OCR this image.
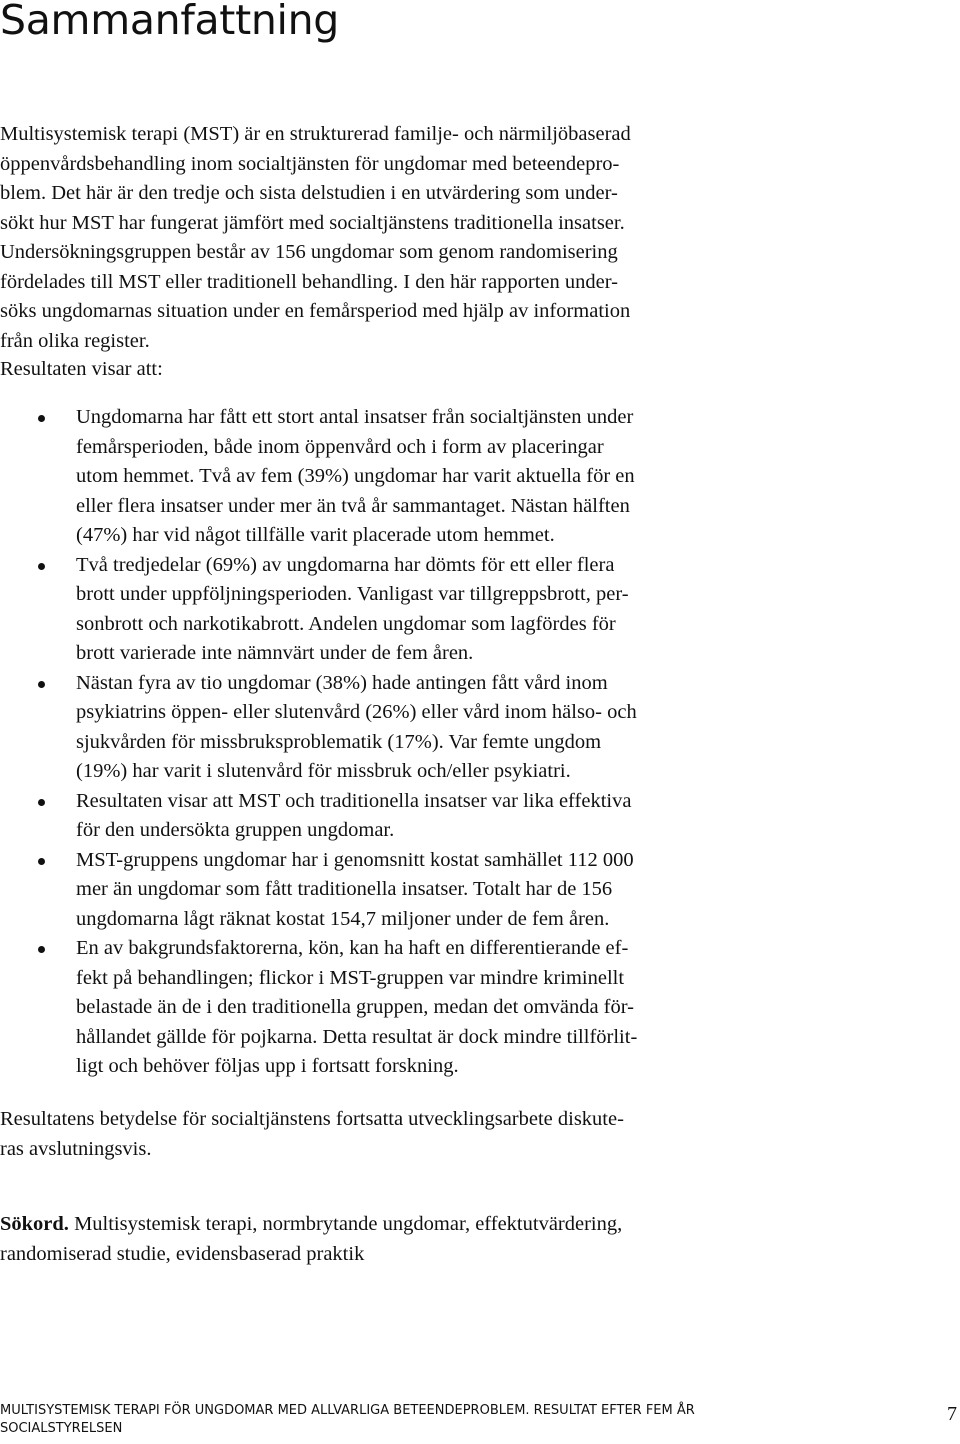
Sammanfattning
Multisystemisk terapi (MST) är en strukturerad familje- och närmiljöbaserad
öppenvårdsbehandling inom socialtjänsten för ungdomar med beteendepro-
blem. Det här är den tredje och sista delstudien i en utvärdering som under-
sökt hur MST har fungerat jämfört med socialtjänstens traditionella insatser.
Undersökningsgruppen består av 156 ungdomar som genom randomisering
fördelades till MST eller traditionell behandling. I den här rapporten under-
söks ungdomarnas situation under en femårsperiod med hjälp av information
från olika register.
Resultaten visar att:
Ungdomarna har fått ett stort antal insatser från socialtjänsten under
femårsperioden, både inom öppenvård och i form av placeringar
utom hemmet. Två av fem (39%) ungdomar har varit aktuella för en
eller flera insatser under mer än två år sammantaget. Nästan hälften
(47%) har vid något tillfälle varit placerade utom hemmet.
Två tredjedelar (69%) av ungdomarna har dömts för ett eller flera
brott under uppföljningsperioden. Vanligast var tillgreppsbrott, per-
sonbrott och narkotikabrott. Andelen ungdomar som lagfördes för
brott varierade inte nämnvärt under de fem åren.
Nästan fyra av tio ungdomar (38%) hade antingen fått vård inom
psykiatrins öppen- eller slutenvård (26%) eller vård inom hälso- och
sjukvården för missbruksproblematik (17%). Var femte ungdom
(19%) har varit i slutenvård för missbruk och/eller psykiatri.
Resultaten visar att MST och traditionella insatser var lika effektiva
för den undersökta gruppen ungdomar.
MST-gruppens ungdomar har i genomsnitt kostat samhället 112 000
mer än ungdomar som fått traditionella insatser. Totalt har de 156
ungdomarna lågt räknat kostat 154,7 miljoner under de fem åren.
En av bakgrundsfaktorerna, kön, kan ha haft en differentierande ef-
fekt på behandlingen; flickor i MST-gruppen var mindre kriminellt
belastade än de i den traditionella gruppen, medan det omvända för-
hållandet gällde för pojkarna. Detta resultat är dock mindre tillförlit-
ligt och behöver följas upp i fortsatt forskning.
Resultatens betydelse för socialtjänstens fortsatta utvecklingsarbete diskute-
ras avslutningsvis.
Sökord. Multisystemisk terapi, normbrytande ungdomar, effektutvärdering,
randomiserad studie, evidensbaserad praktik
MULTISYSTEMISK TERAPI FÖR UNGDOMAR MED ALLVARLIGA BETEENDEPROBLEM. RESULTAT EFTER FEM ÅR
SOCIALSTYRELSEN
7
